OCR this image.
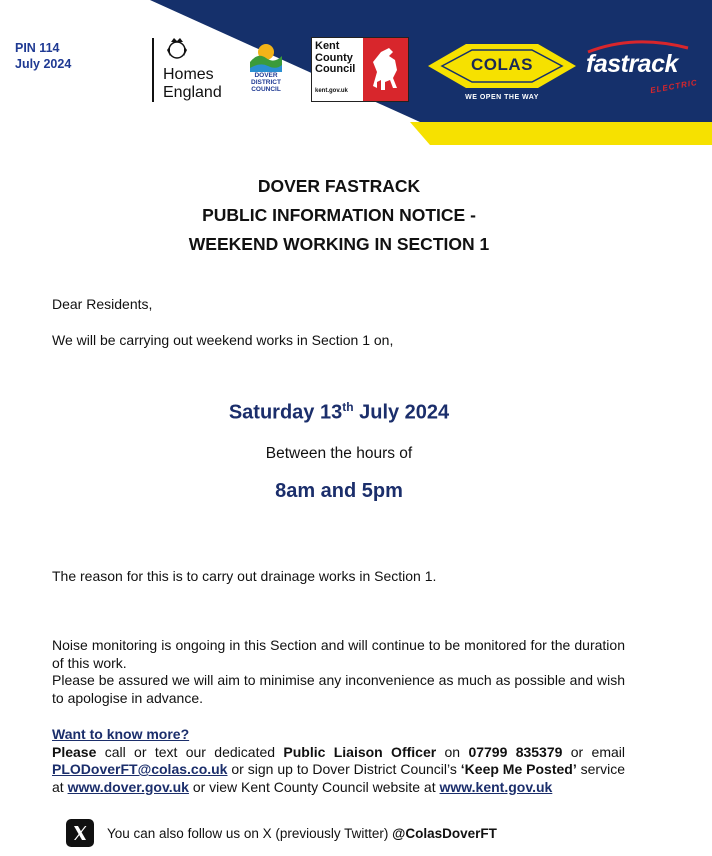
PIN 114
July 2024
Homes England
DOVER
DISTRICT
COUNCIL
Kent
County
Council
kent.gov.uk
COLAS
WE OPEN THE WAY
fastrack
ELECTRIC
DOVER FASTRACK
PUBLIC INFORMATION NOTICE -
WEEKEND WORKING IN SECTION 1
Dear Residents,
We will be carrying out weekend works in Section 1 on,
Saturday 13th July 2024
Between the hours of
8am and 5pm
The reason for this is to carry out drainage works in Section 1.
Noise monitoring is ongoing in this Section and will continue to be monitored for the duration of this work.
Please be assured we will aim to minimise any inconvenience as much as possible and wish to apologise in advance.
Want to know more?
Please call or text our dedicated Public Liaison Officer on 07799 835379 or email PLODoverFT@colas.co.uk or sign up to Dover District Council’s ‘Keep Me Posted’ service at www.dover.gov.uk or view Kent County Council website at www.kent.gov.uk
You can also follow us on X (previously Twitter) @ColasDoverFT
